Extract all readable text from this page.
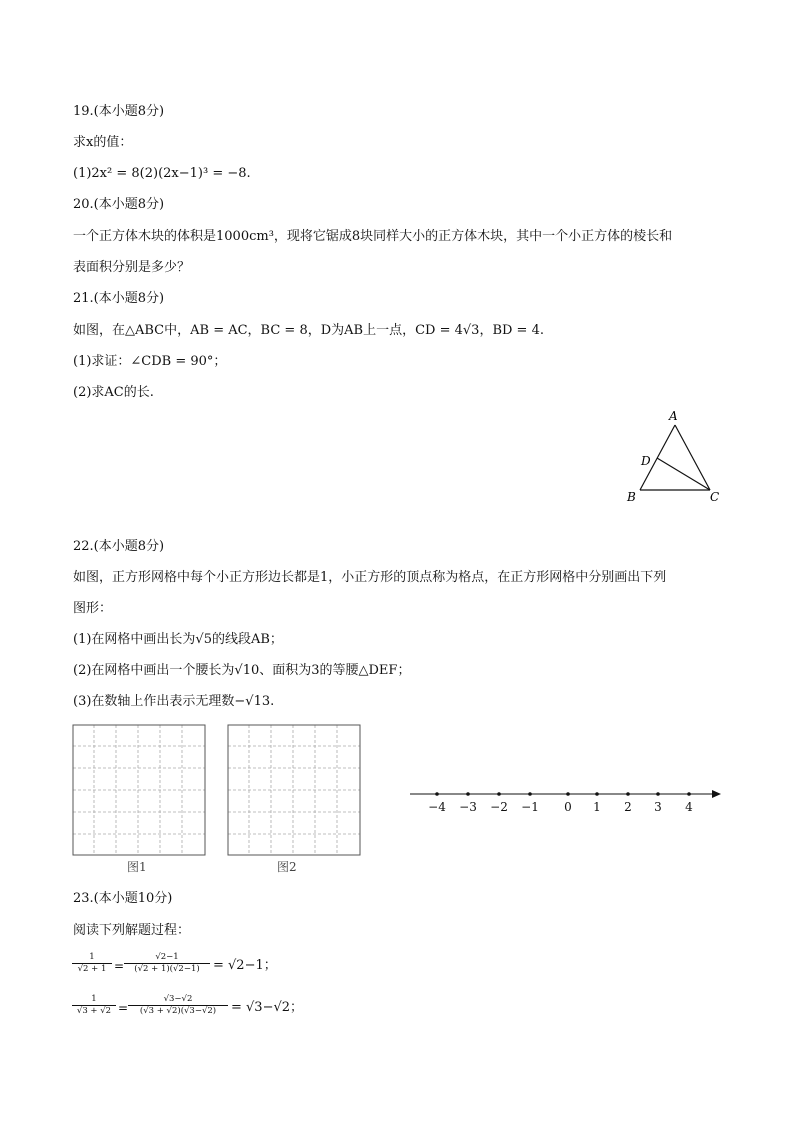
19.(本小题8分)
求x的值：
(1)2x² = 8(2)(2x−1)³ = −8.
20.(本小题8分)
一个正方体木块的体积是1000cm³，现将它锯成8块同样大小的正方体木块，其中一个小正方体的棱长和
表面积分别是多少？
21.(本小题8分)
如图，在△ABC中，AB = AC，BC = 8，D为AB上一点，CD = 4√3，BD = 4.
(1)求证：∠CDB = 90°；
(2)求AC的长.
A
D
B	C
22.(本小题8分)
如图，正方形网格中每个小正方形边长都是1，小正方形的顶点称为格点，在正方形网格中分别画出下列
图形：
(1)在网格中画出长为√5的线段AB；
(2)在网格中画出一个腰长为√10、面积为3的等腰△DEF；
(3)在数轴上作出表示无理数−√13.
图1	图2
−4 −3 −2 −1 0 1 2 3 4
23.(本小题10分)
阅读下列解题过程：
$\frac{1}{√2 + 1} = \frac{√2-1}{(√2 + 1)(√2-1)} = √2-1$；
$\frac{1}{√3 + √2} = \frac{√3-√2}{(√3 + √2)(√3-√2)} = √3-√2$；
